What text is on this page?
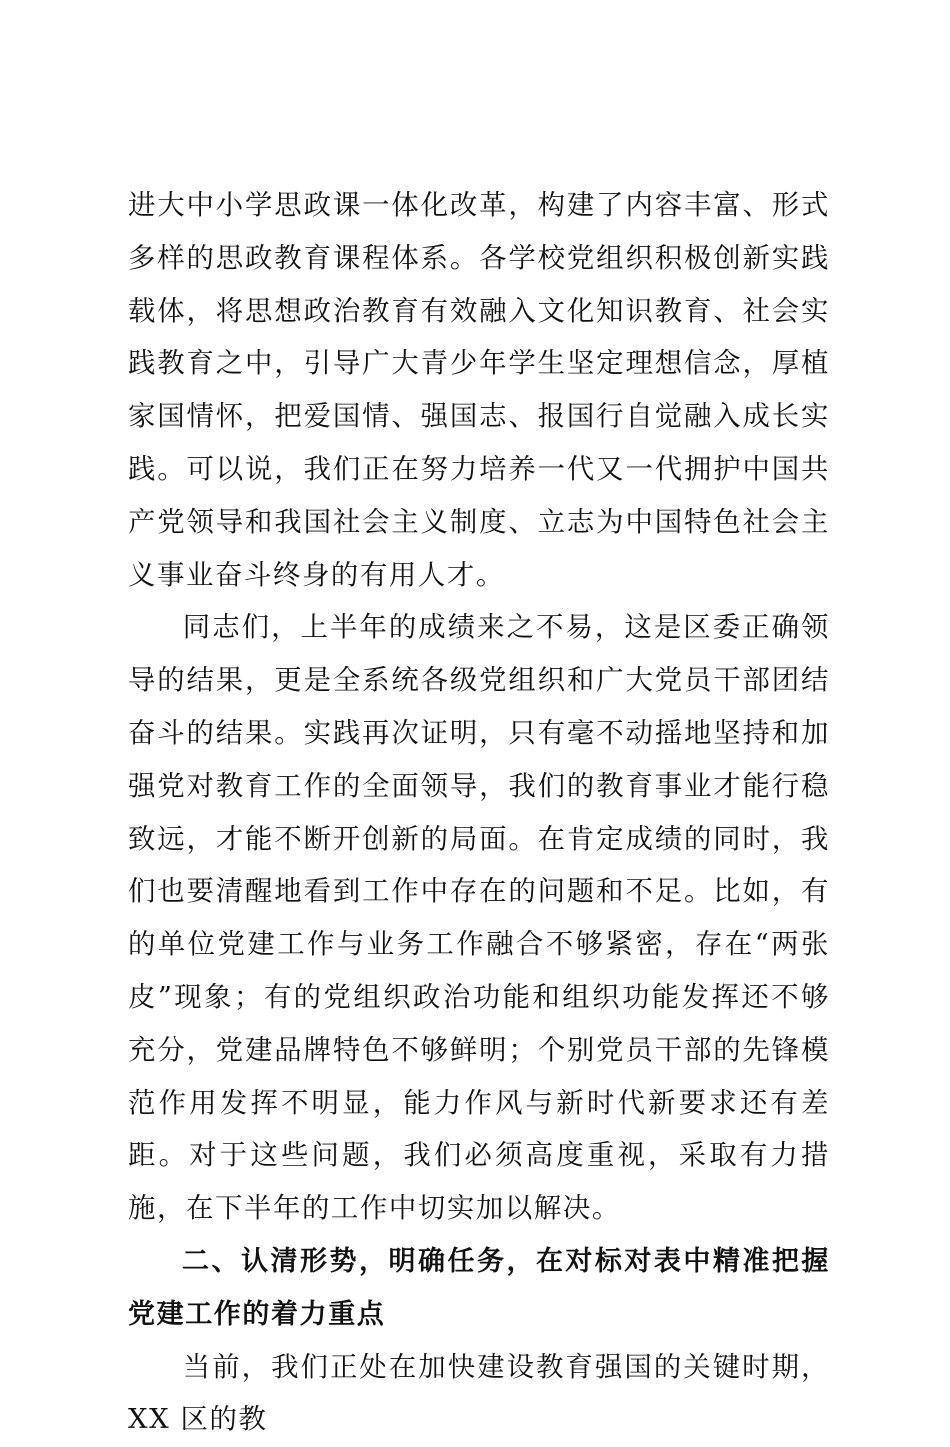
进大中小学思政课一体化改革，构建了内容丰富、形式多样的思政教育课程体系。各学校党组织积极创新实践载体，将思想政治教育有效融入文化知识教育、社会实践教育之中，引导广大青少年学生坚定理想信念，厚植家国情怀，把爱国情、强国志、报国行自觉融入成长实践。可以说，我们正在努力培养一代又一代拥护中国共产党领导和我国社会主义制度、立志为中国特色社会主义事业奋斗终身的有用人才。

同志们，上半年的成绩来之不易，这是区委正确领导的结果，更是全系统各级党组织和广大党员干部团结奋斗的结果。实践再次证明，只有毫不动摇地坚持和加强党对教育工作的全面领导，我们的教育事业才能行稳致远，才能不断开创新的局面。在肯定成绩的同时，我们也要清醒地看到工作中存在的问题和不足。比如，有的单位党建工作与业务工作融合不够紧密，存在“两张皮”现象；有的党组织政治功能和组织功能发挥还不够充分，党建品牌特色不够鲜明；个别党员干部的先锋模范作用发挥不明显，能力作风与新时代新要求还有差距。对于这些问题，我们必须高度重视，采取有力措施，在下半年的工作中切实加以解决。

二、认清形势，明确任务，在对标对表中精准把握党建工作的着力重点

当前，我们正处在加快建设教育强国的关键时期，XX 区的教
